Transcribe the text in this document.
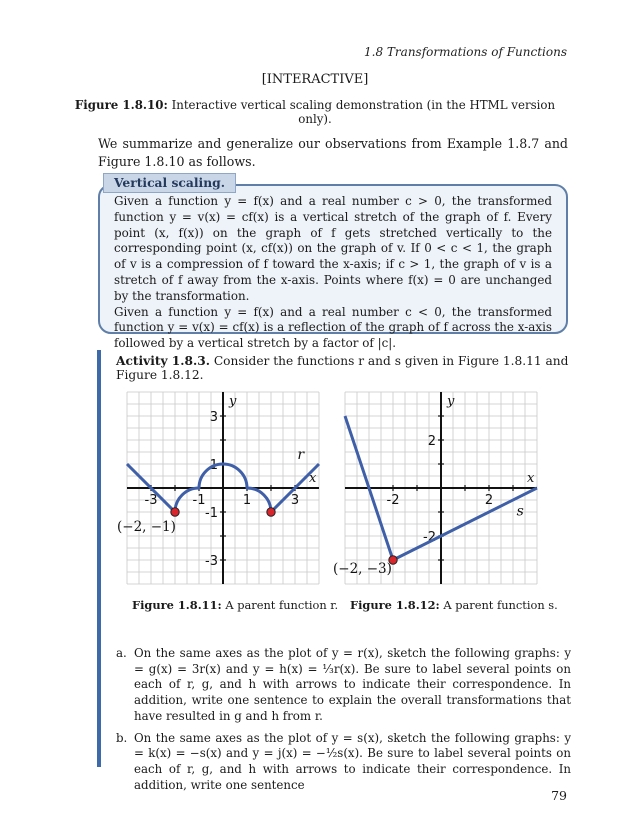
1.8 Transformations of Functions
[INTERACTIVE]
Figure 1.8.10: Interactive vertical scaling demonstration (in the HTML version only).
We summarize and generalize our observations from Example 1.8.7 and Figure 1.8.10 as follows.
Vertical scaling.

Given a function y = f(x) and a real number c > 0, the transformed function y = v(x) = cf(x) is a vertical stretch of the graph of f. Every point (x, f(x)) on the graph of f gets stretched vertically to the corresponding point (x, cf(x)) on the graph of v. If 0 < c < 1, the graph of v is a compression of f toward the x-axis; if c > 1, the graph of v is a stretch of f away from the x-axis. Points where f(x) = 0 are unchanged by the transformation.

Given a function y = f(x) and a real number c < 0, the transformed function y = v(x) = cf(x) is a reflection of the graph of f across the x-axis followed by a vertical stretch by a factor of |c|.

Activity 1.8.3. Consider the functions r and s given in Figure 1.8.11 and Figure 1.8.12.
-3	-1	1	3
3
1
-1
-3
x
y
r
(−2, −1)
-2	2
2
-2
x
y
s
(−2, −3)
Figure 1.8.11: A parent function r. Figure 1.8.12: A parent function s.
a. On the same axes as the plot of y = r(x), sketch the following graphs: y = g(x) = 3r(x) and y = h(x) = ⅓r(x). Be sure to label several points on each of r, g, and h with arrows to indicate their correspondence. In addition, write one sentence to explain the overall transformations that have resulted in g and h from r.
b. On the same axes as the plot of y = s(x), sketch the following graphs: y = k(x) = −s(x) and y = j(x) = −½s(x). Be sure to label several points on each of r, g, and h with arrows to indicate their correspondence. In addition, write one sentence
79
